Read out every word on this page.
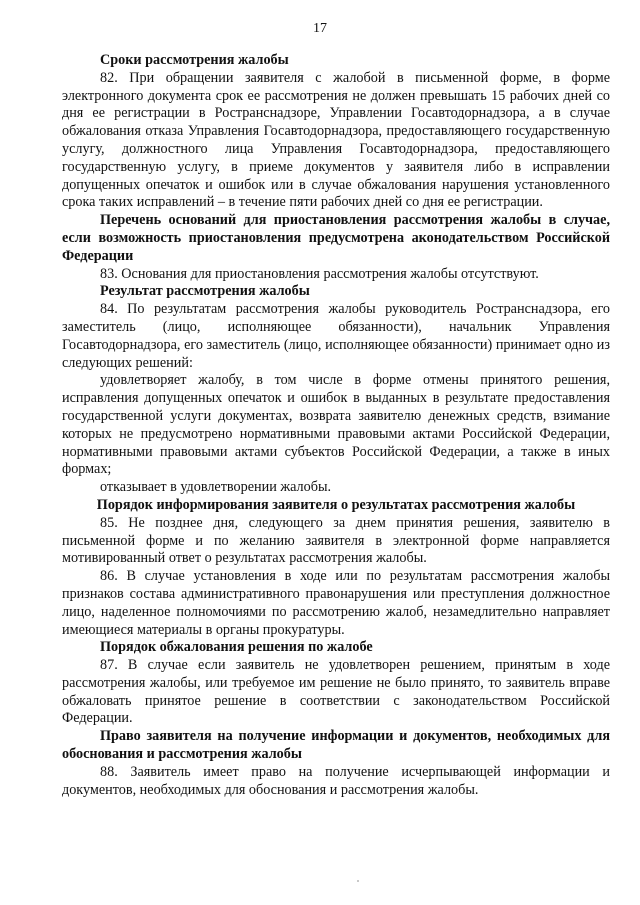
17

Сроки рассмотрения жалобы

82. При обращении заявителя с жалобой в письменной форме, в форме электронного документа срок ее рассмотрения не должен превышать 15 рабочих дней со дня ее регистрации в Ространснадзоре, Управлении Госавтодорнадзора, а в случае обжалования отказа Управления Госавтодорнадзора, предоставляющего государственную услугу, должностного лица Управления Госавтодорнадзора, предоставляющего государственную услугу, в приеме документов у заявителя либо в исправлении допущенных опечаток и ошибок или в случае обжалования нарушения установленного срока таких исправлений – в течение пяти рабочих дней со дня ее регистрации.

Перечень оснований для приостановления рассмотрения жалобы в случае, если возможность приостановления предусмотрена аконодательством Российской Федерации

83. Основания для приостановления рассмотрения жалобы отсутствуют.

Результат рассмотрения жалобы

84. По результатам рассмотрения жалобы руководитель Ространснадзора, его заместитель (лицо, исполняющее обязанности), начальник Управления Госавтодорнадзора, его заместитель (лицо, исполняющее обязанности) принимает одно из следующих решений:

удовлетворяет жалобу, в том числе в форме отмены принятого решения, исправления допущенных опечаток и ошибок в выданных в результате предоставления государственной услуги документах, возврата заявителю денежных средств, взимание которых не предусмотрено нормативными правовыми актами Российской Федерации, нормативными правовыми актами субъектов Российской Федерации, а также в иных формах;

отказывает в удовлетворении жалобы.

Порядок информирования заявителя о результатах рассмотрения жалобы

85. Не позднее дня, следующего за днем принятия решения, заявителю в письменной форме и по желанию заявителя в электронной форме направляется мотивированный ответ о результатах рассмотрения жалобы.

86. В случае установления в ходе или по результатам рассмотрения жалобы признаков состава административного правонарушения или преступления должностное лицо, наделенное полномочиями по рассмотрению жалоб, незамедлительно направляет имеющиеся материалы в органы прокуратуры.

Порядок обжалования решения по жалобе

87. В случае если заявитель не удовлетворен решением, принятым в ходе рассмотрения жалобы, или требуемое им решение не было принято, то заявитель вправе обжаловать принятое решение в соответствии с законодательством Российской Федерации.

Право заявителя на получение информации и документов, необходимых для обоснования и рассмотрения жалобы

88. Заявитель имеет право на получение исчерпывающей информации и документов, необходимых для обоснования и рассмотрения жалобы.
